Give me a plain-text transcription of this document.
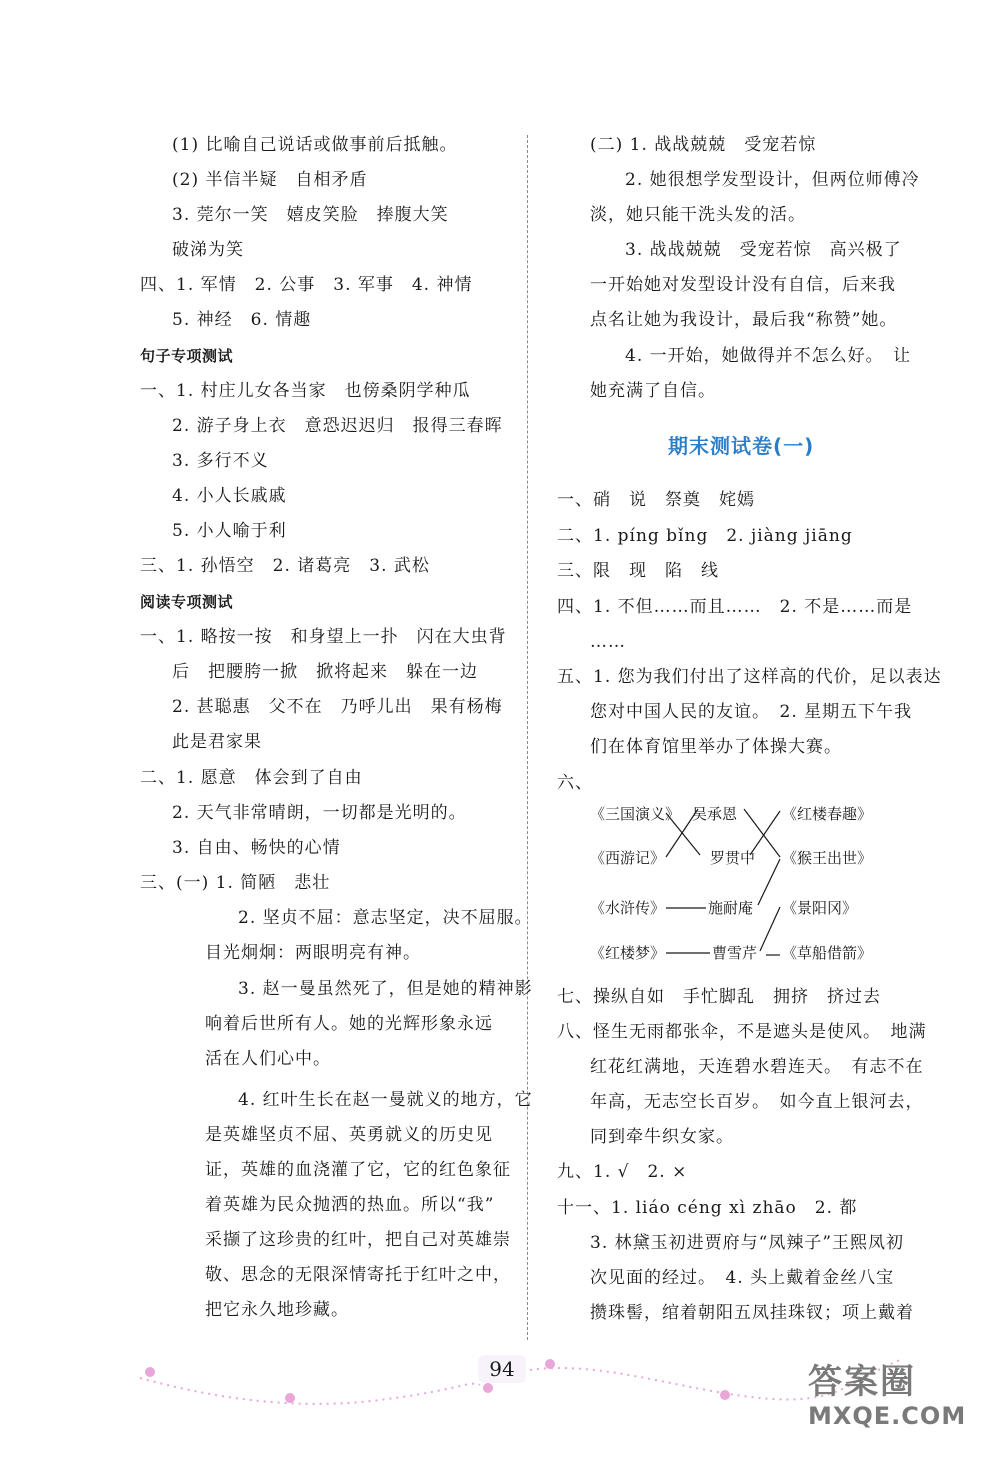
(1) 比喻自己说话或做事前后抵触。
(2) 半信半疑　自相矛盾
3. 莞尔一笑　嬉皮笑脸　捧腹大笑
破涕为笑
四、1. 军情　2. 公事　3. 军事　4. 神情
5. 神经　6. 情趣
句子专项测试
一、1. 村庄儿女各当家　也傍桑阴学种瓜
2. 游子身上衣　意恐迟迟归　报得三春晖
3. 多行不义
4. 小人长戚戚
5. 小人喻于利
三、1. 孙悟空　2. 诸葛亮　3. 武松
阅读专项测试
一、1. 略按一按　和身望上一扑　闪在大虫背
后　把腰胯一掀　掀将起来　躲在一边
2. 甚聪惠　父不在　乃呼儿出　果有杨梅
此是君家果
二、1. 愿意　体会到了自由
2. 天气非常晴朗，一切都是光明的。
3. 自由、畅快的心情
三、(一) 1. 简陋　悲壮
2. 坚贞不屈：意志坚定，决不屈服。
目光炯炯：两眼明亮有神。
3. 赵一曼虽然死了，但是她的精神影
响着后世所有人。她的光辉形象永远
活在人们心中。
4. 红叶生长在赵一曼就义的地方，它
是英雄坚贞不屈、英勇就义的历史见
证，英雄的血浇灌了它，它的红色象征
着英雄为民众抛洒的热血。所以“我”
采撷了这珍贵的红叶，把自己对英雄崇
敬、思念的无限深情寄托于红叶之中，
把它永久地珍藏。
(二) 1. 战战兢兢　受宠若惊
2. 她很想学发型设计，但两位师傅冷
淡，她只能干洗头发的活。
3. 战战兢兢　受宠若惊　高兴极了
一开始她对发型设计没有自信，后来我
点名让她为我设计，最后我“称赞”她。
4. 一开始，她做得并不怎么好。　让
她充满了自信。
期末测试卷(一)
一、硝　说　祭奠　姹嫣
二、1. píng bǐng　2. jiàng jiāng
三、限　现　陷　线
四、1. 不但……而且……　2. 不是……而是
……
五、1. 您为我们付出了这样高的代价，足以表达
您对中国人民的友谊。　2. 星期五下午我
们在体育馆里举办了体操大赛。
六、
《三国演义》
《西游记》
《水浒传》
《红楼梦》
吴承恩
罗贯中
施耐庵
曹雪芹
《红楼春趣》
《猴王出世》
《景阳冈》
《草船借箭》
七、操纵自如　手忙脚乱　拥挤　挤过去
八、怪生无雨都张伞，不是遮头是使风。　地满
红花红满地，天连碧水碧连天。　有志不在
年高，无志空长百岁。　如今直上银河去，
同到牵牛织女家。
九、1. √　2. ×
十一、1. liáo céng xì zhāo　2. 都
3. 林黛玉初进贾府与“凤辣子”王熙凤初
次见面的经过。　4. 头上戴着金丝八宝
攒珠髻，绾着朝阳五凤挂珠钗；项上戴着
94	答案圈
MXQE.COM
